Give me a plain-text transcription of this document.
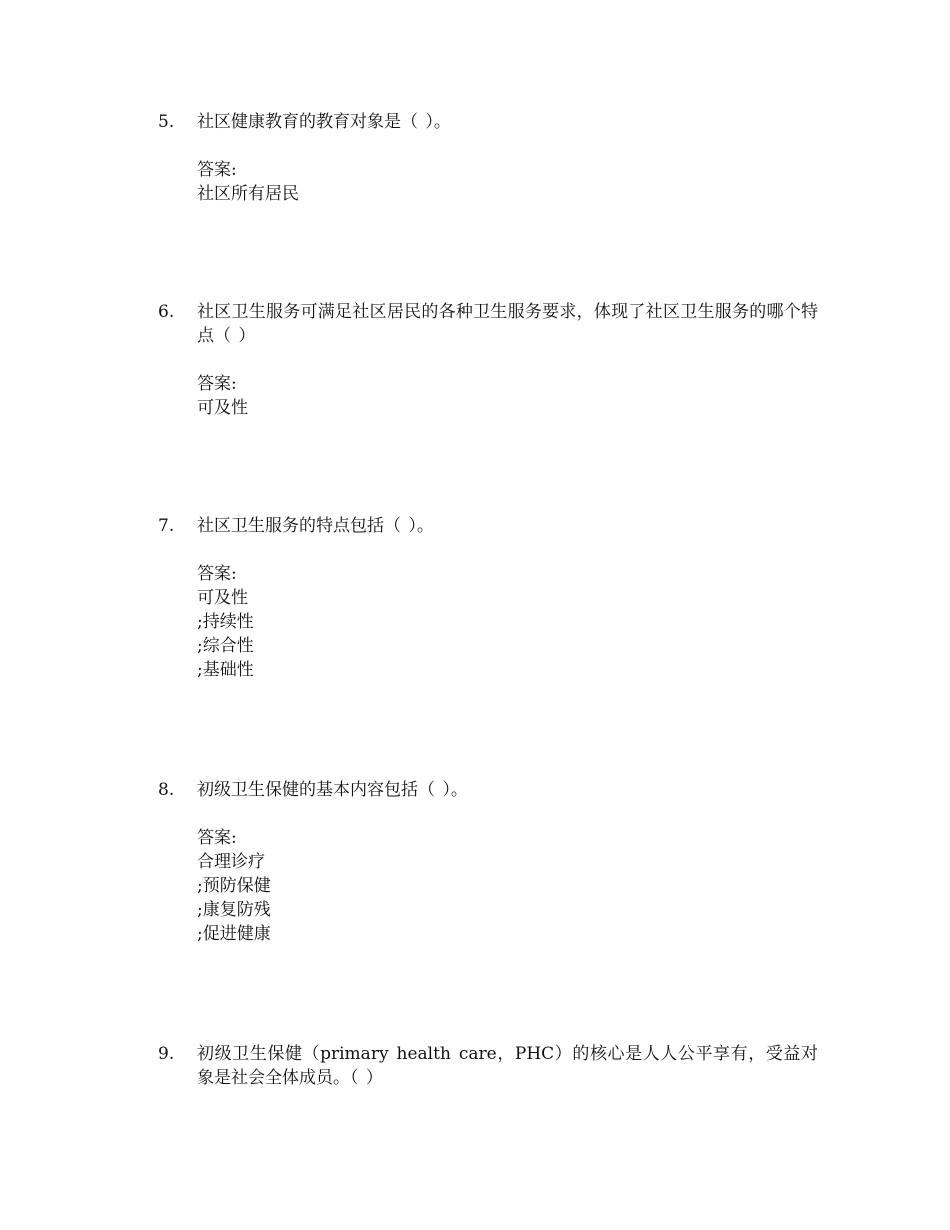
5.	社区健康教育的教育对象是（ ）。
答案:
社区所有居民
6.	社区卫生服务可满足社区居民的各种卫生服务要求，体现了社区卫生服务的哪个特点（ ）
答案:
可及性
7.	社区卫生服务的特点包括（ ）。
答案:
可及性
;持续性
;综合性
;基础性
8.	初级卫生保健的基本内容包括（ ）。
答案:
合理诊疗
;预防保健
;康复防残
;促进健康
9.	初级卫生保健（primary health care，PHC）的核心是人人公平享有，受益对象是社会全体成员。（ ）
